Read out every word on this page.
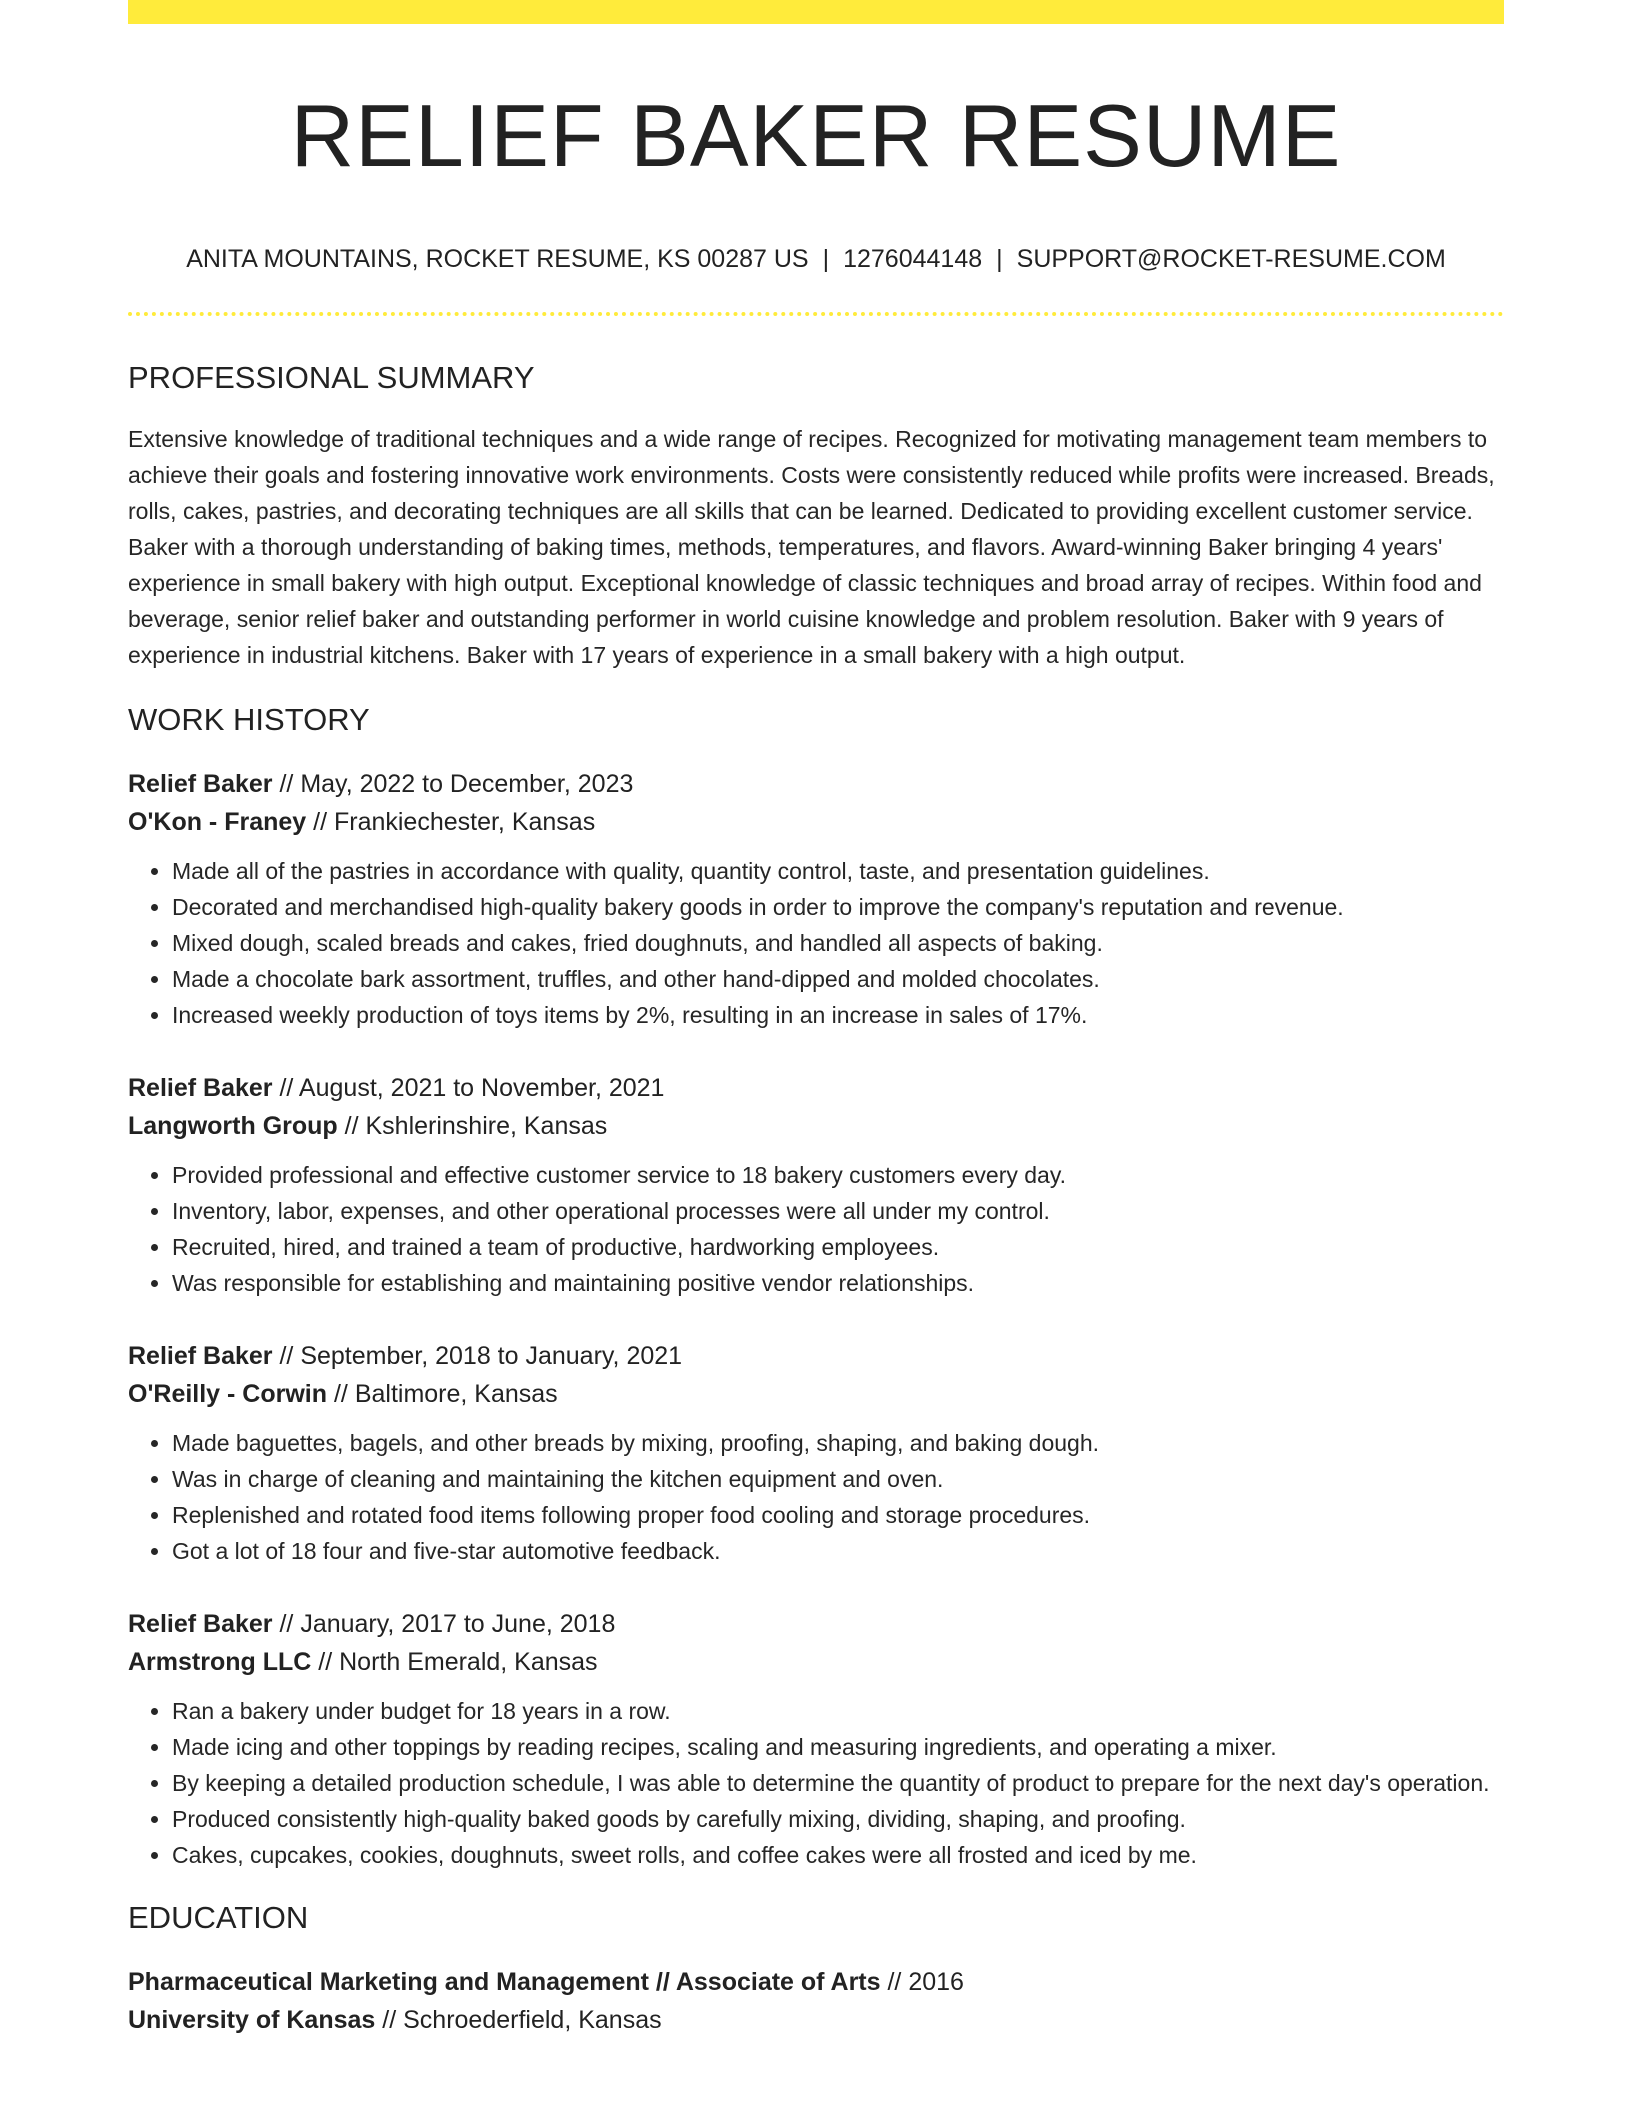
RELIEF BAKER RESUME
ANITA MOUNTAINS, ROCKET RESUME, KS 00287 US | 1276044148 | SUPPORT@ROCKET-RESUME.COM
PROFESSIONAL SUMMARY
Extensive knowledge of traditional techniques and a wide range of recipes. Recognized for motivating management team members to achieve their goals and fostering innovative work environments. Costs were consistently reduced while profits were increased. Breads, rolls, cakes, pastries, and decorating techniques are all skills that can be learned. Dedicated to providing excellent customer service. Baker with a thorough understanding of baking times, methods, temperatures, and flavors. Award-winning Baker bringing 4 years' experience in small bakery with high output. Exceptional knowledge of classic techniques and broad array of recipes. Within food and beverage, senior relief baker and outstanding performer in world cuisine knowledge and problem resolution. Baker with 9 years of experience in industrial kitchens. Baker with 17 years of experience in a small bakery with a high output.
WORK HISTORY
Relief Baker // May, 2022 to December, 2023
O'Kon - Franey // Frankiechester, Kansas
• Made all of the pastries in accordance with quality, quantity control, taste, and presentation guidelines.
• Decorated and merchandised high-quality bakery goods in order to improve the company's reputation and revenue.
• Mixed dough, scaled breads and cakes, fried doughnuts, and handled all aspects of baking.
• Made a chocolate bark assortment, truffles, and other hand-dipped and molded chocolates.
• Increased weekly production of toys items by 2%, resulting in an increase in sales of 17%.
Relief Baker // August, 2021 to November, 2021
Langworth Group // Kshlerinshire, Kansas
• Provided professional and effective customer service to 18 bakery customers every day.
• Inventory, labor, expenses, and other operational processes were all under my control.
• Recruited, hired, and trained a team of productive, hardworking employees.
• Was responsible for establishing and maintaining positive vendor relationships.
Relief Baker // September, 2018 to January, 2021
O'Reilly - Corwin // Baltimore, Kansas
• Made baguettes, bagels, and other breads by mixing, proofing, shaping, and baking dough.
• Was in charge of cleaning and maintaining the kitchen equipment and oven.
• Replenished and rotated food items following proper food cooling and storage procedures.
• Got a lot of 18 four and five-star automotive feedback.
Relief Baker // January, 2017 to June, 2018
Armstrong LLC // North Emerald, Kansas
• Ran a bakery under budget for 18 years in a row.
• Made icing and other toppings by reading recipes, scaling and measuring ingredients, and operating a mixer.
• By keeping a detailed production schedule, I was able to determine the quantity of product to prepare for the next day's operation.
• Produced consistently high-quality baked goods by carefully mixing, dividing, shaping, and proofing.
• Cakes, cupcakes, cookies, doughnuts, sweet rolls, and coffee cakes were all frosted and iced by me.
EDUCATION
Pharmaceutical Marketing and Management // Associate of Arts // 2016
University of Kansas // Schroederfield, Kansas
